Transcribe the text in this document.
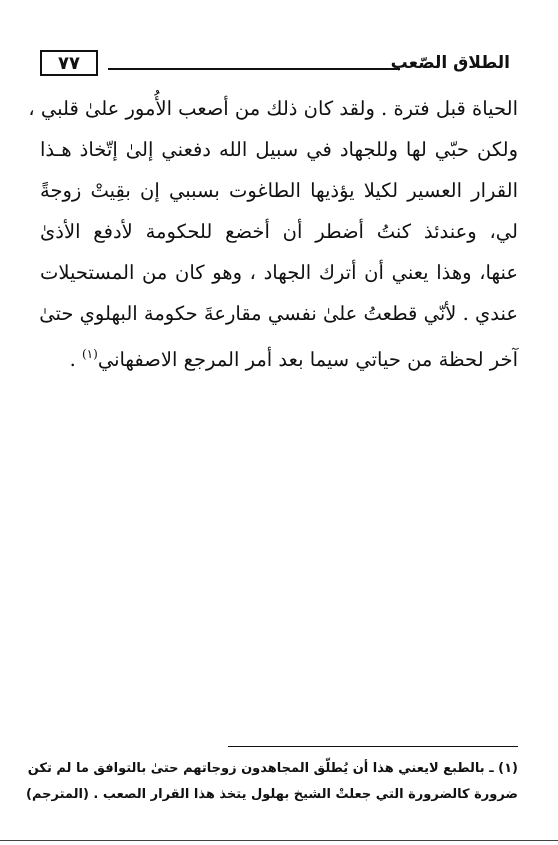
الطلاق الصّعب
٧٧
الحياة قبل فترة . ولقد كان ذلك من أصعب الأُمور علىٰ قلبي ،
ولكن حبّي لها وللجهاد في سبيل الله دفعني إلىٰ إتّخاذ هـذا
القرار العسير لكيلا يؤذيها الطاغوت بسببي إن بقِيتْ زوجةً
لي، وعندئذ كنتُ أضطر أن أخضع للحكومة لأدفع الأذىٰ
عنها، وهذا يعني أن أترك الجهاد ، وهو كان من المستحيلات
عندي . لأنّي قطعتُ علىٰ نفسي مقارعةَ حكومة البهلوي حتىٰ
آخر لحظة من حياتي سيما بعد أمر المرجع الاصفهاني$^{(١)}$ .
(١) ـ بالطبع لايعني هذا أن يُطلّق المجاهدون زوجاتهم حتىٰ بالتوافق ما لم تكن
ضرورة كالضرورة التي جعلتْ الشيخ بهلول يتخذ هذا القرار الصعب . (المترجم)
